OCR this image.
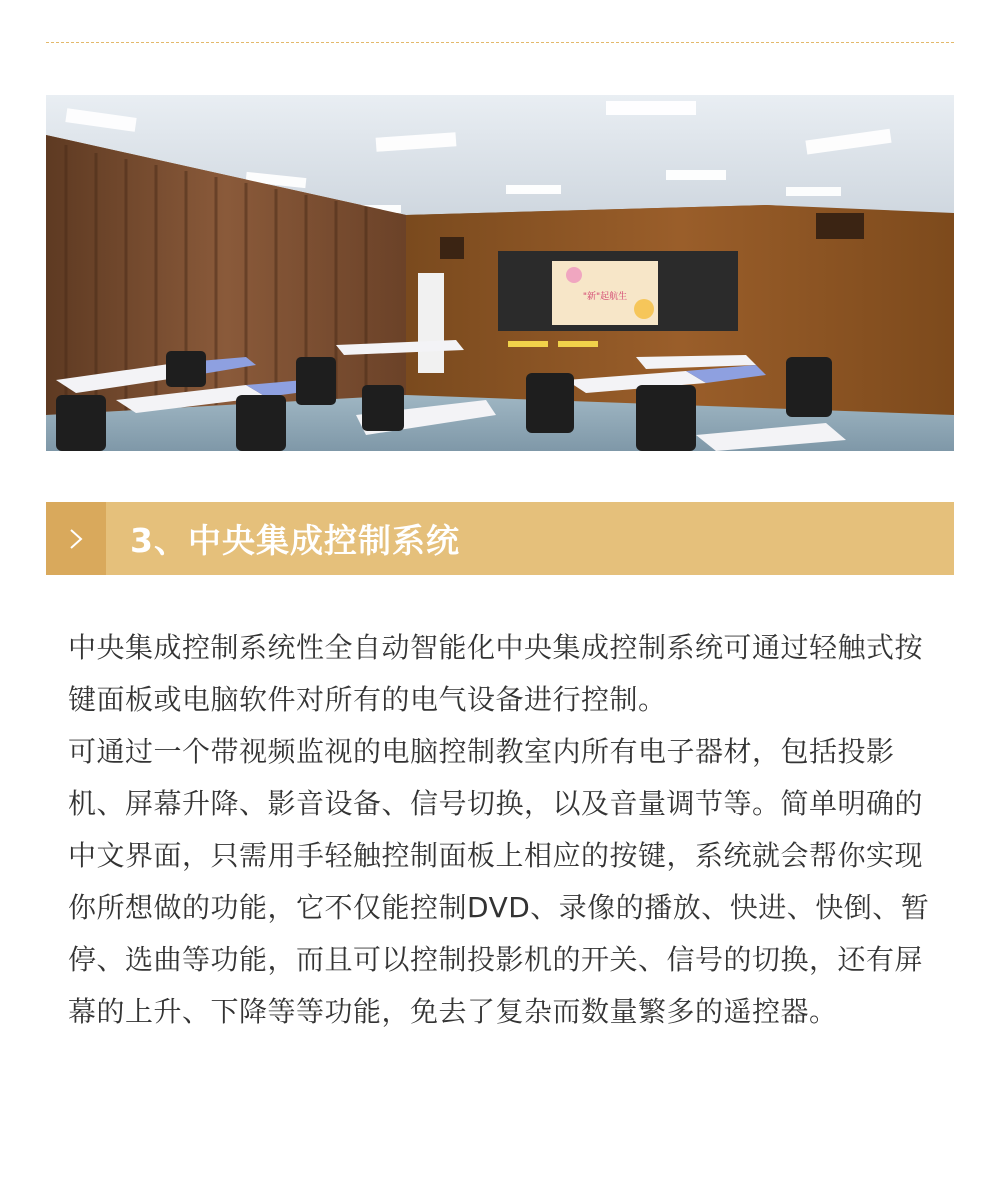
"新"起航生
3、中央集成控制系统

中央集成控制系统性全自动智能化中央集成控制系统可通过轻触式按键面板或电脑软件对所有的电气设备进行控制。

可通过一个带视频监视的电脑控制教室内所有电子器材，包括投影机、屏幕升降、影音设备、信号切换，以及音量调节等。简单明确的中文界面，只需用手轻触控制面板上相应的按键，系统就会帮你实现你所想做的功能，它不仅能控制DVD、录像的播放、快进、快倒、暂停、选曲等功能，而且可以控制投影机的开关、信号的切换，还有屏幕的上升、下降等等功能，免去了复杂而数量繁多的遥控器。
